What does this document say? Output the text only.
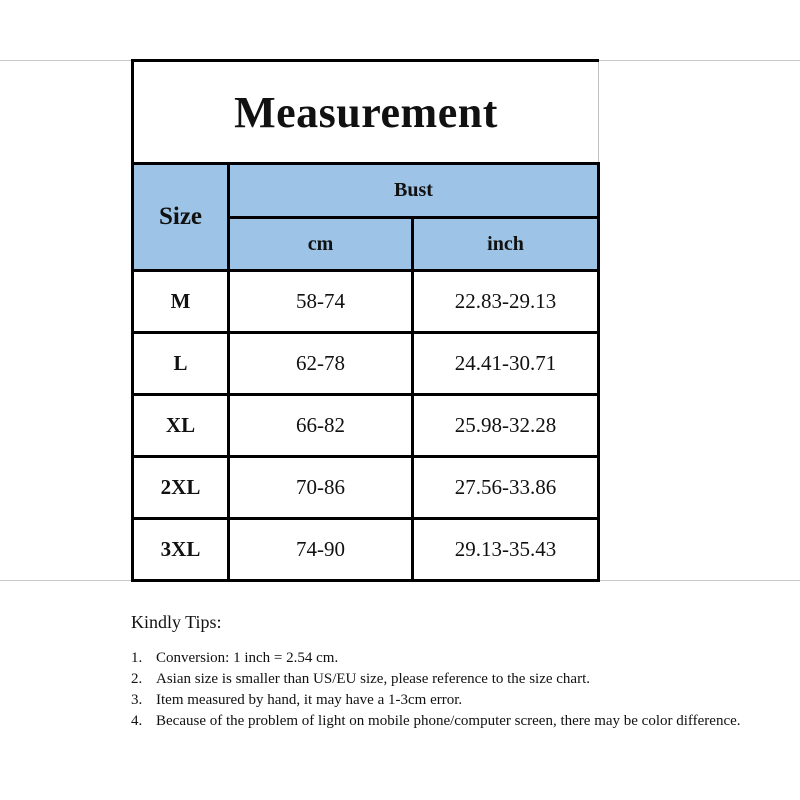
Measurement		
Size	Bust	
	cm	inch
M	58-74	22.83-29.13
L	62-78	24.41-30.71
XL	66-82	25.98-32.28
2XL	70-86	27.56-33.86
3XL	74-90	29.13-35.43

Kindly Tips:

1. Conversion: 1 inch = 2.54 cm.
2. Asian size is smaller than US/EU size, please reference to the size chart.
3. Item measured by hand, it may have a 1-3cm error.
4. Because of the problem of light on mobile phone/computer screen, there may be color difference.
